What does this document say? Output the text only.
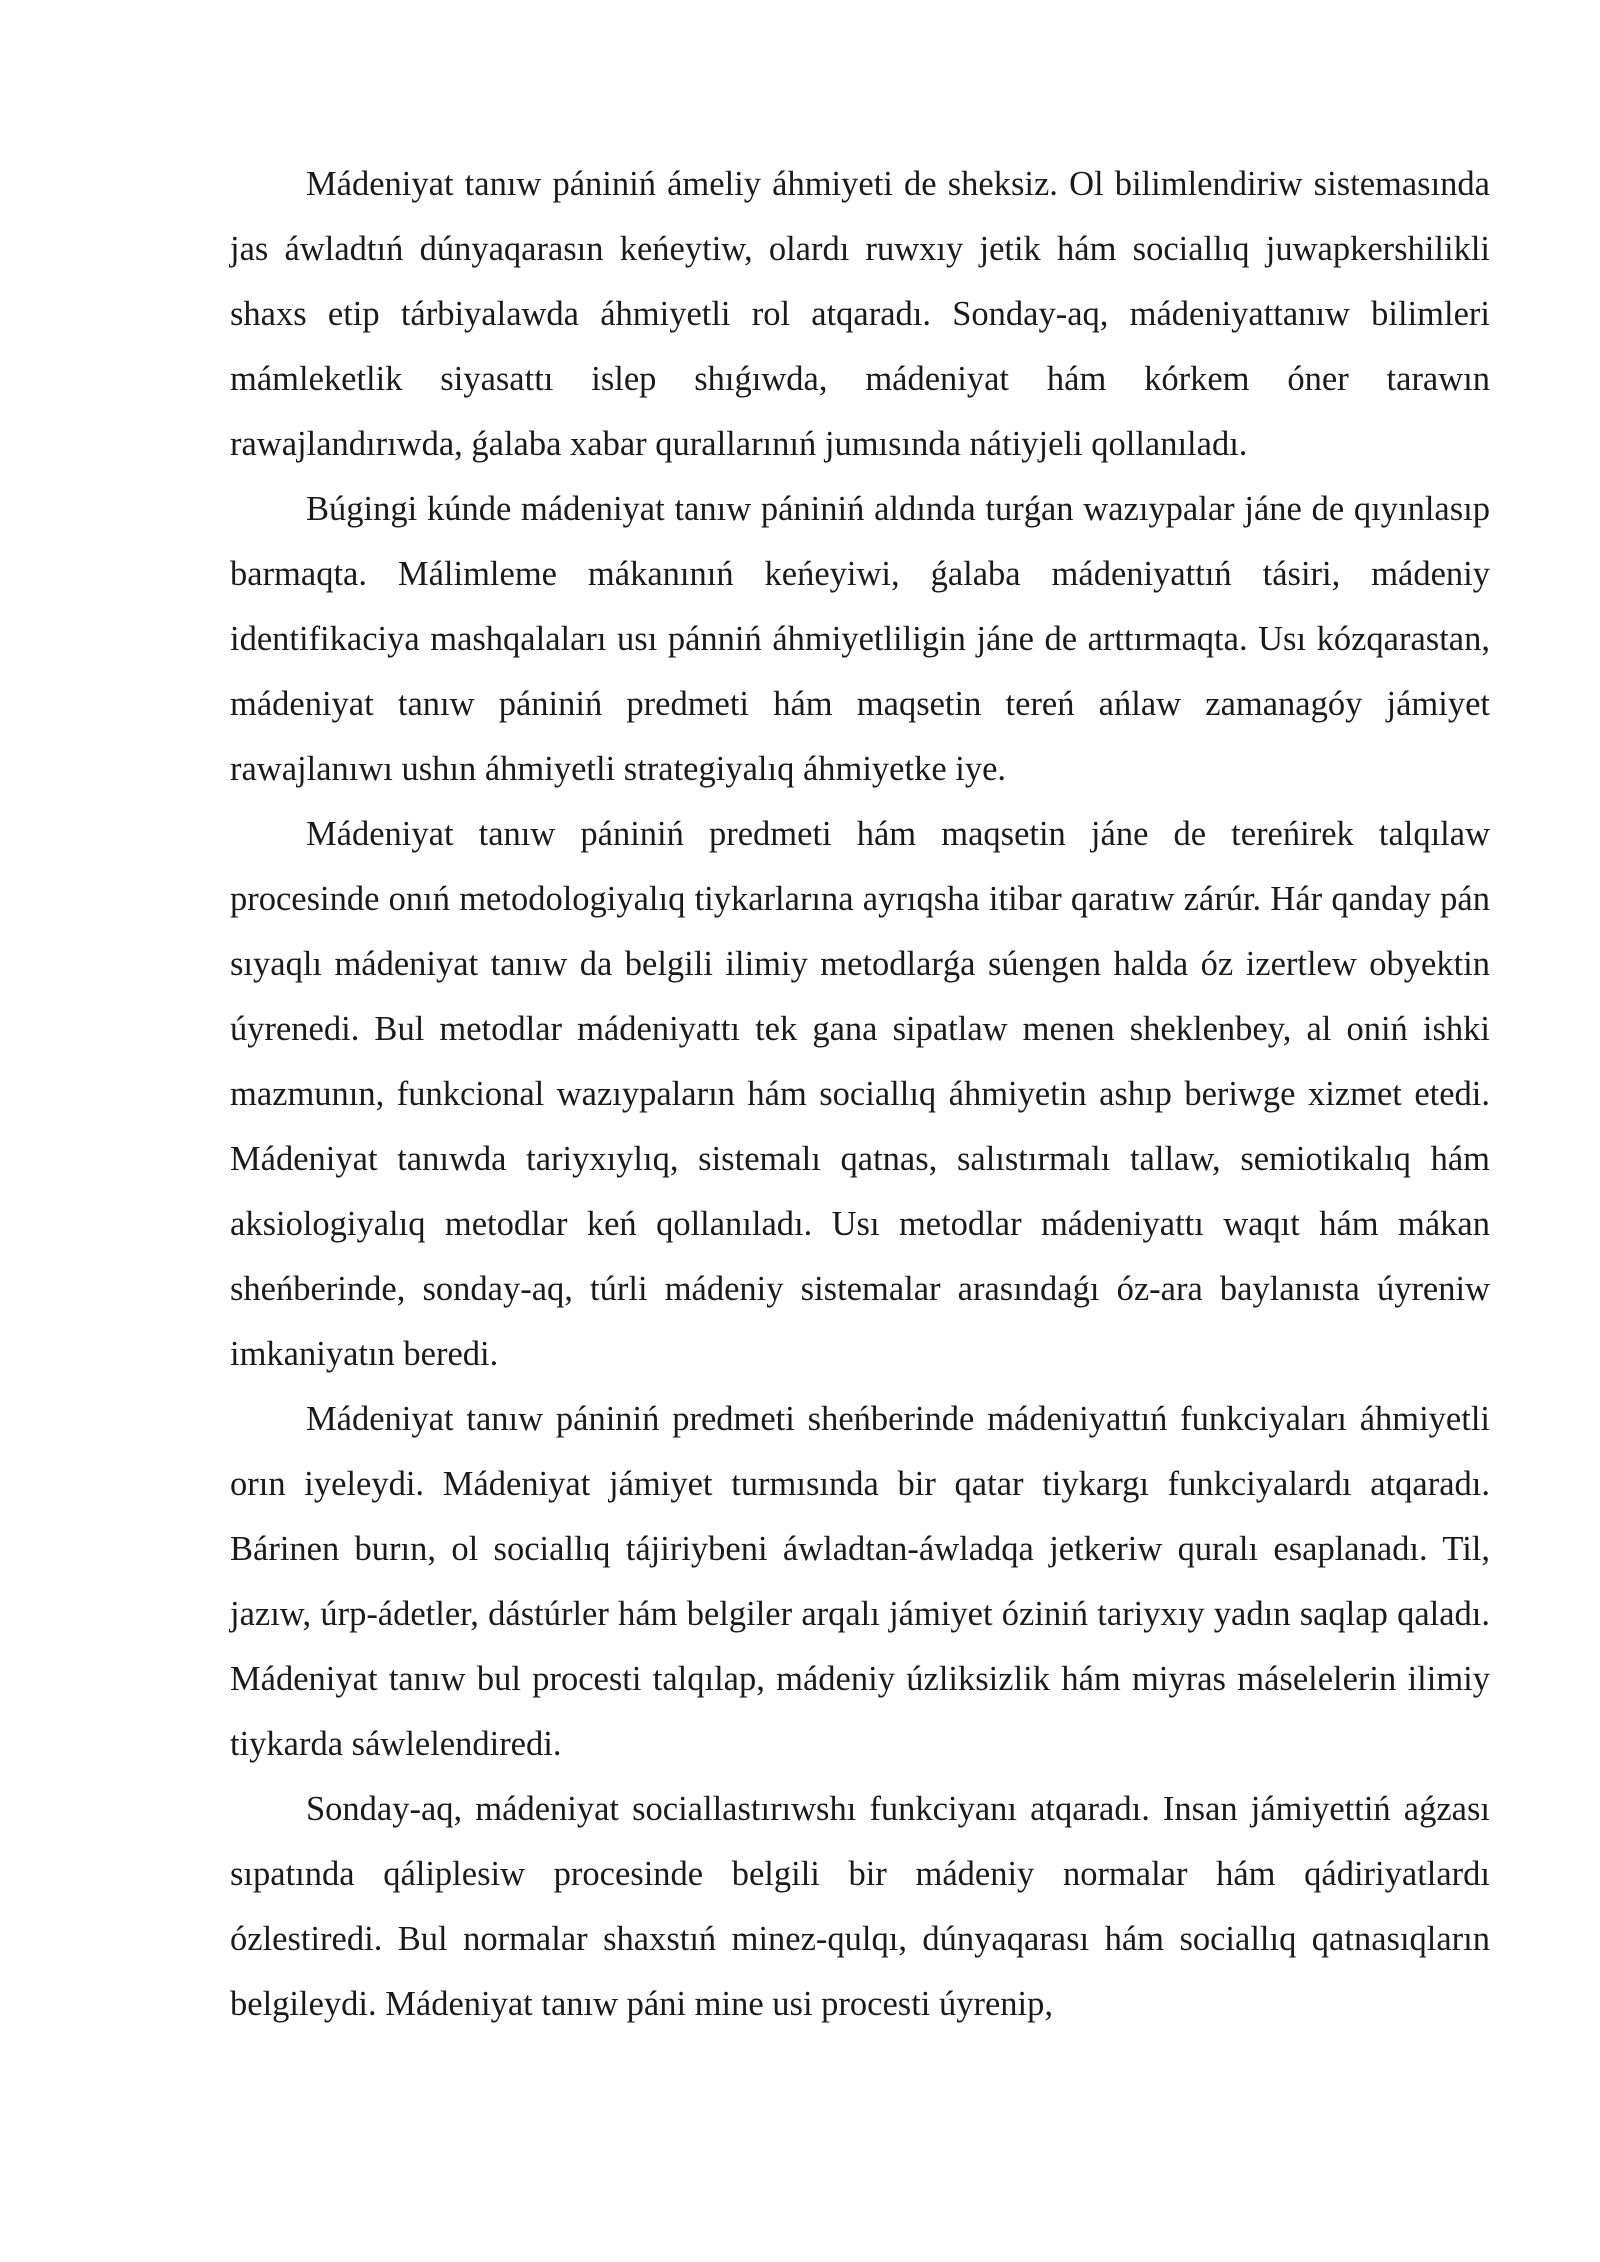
Mádeniyat tanıw pániniń ámeliy áhmiyeti de sheksiz. Ol bilimlendiriw sistemasında jas áwladtıń dúnyaqarasın keńeytiw, olardı ruwxıy jetik hám sociallıq juwapkershilikli shaxs etip tárbiyalawda áhmiyetli rol atqaradı. Sonday-aq, mádeniyattanıw bilimleri mámleketlik siyasattı islep shıǵıwda, mádeniyat hám kórkem óner tarawın rawajlandırıwda, ǵalaba xabar qurallarınıń jumısında nátiyjeli qollanıladı.

Búgingi kúnde mádeniyat tanıw pániniń aldında turǵan wazıypalar jáne de qıyınlasıp barmaqta. Málimleme mákanınıń keńeyiwi, ǵalaba mádeniyattıń tásiri, mádeniy identifikaciya mashqalaları usı pánniń áhmiyetliligin jáne de arttırmaqta. Usı kózqarastan, mádeniyat tanıw pániniń predmeti hám maqsetin tereń ańlaw zamanagóy jámiyet rawajlanıwı ushın áhmiyetli strategiyalıq áhmiyetke iye.

Mádeniyat tanıw pániniń predmeti hám maqsetin jáne de tereńirek talqılaw procesinde onıń metodologiyalıq tiykarlarına ayrıqsha itibar qaratıw zárúr. Hár qanday pán sıyaqlı mádeniyat tanıw da belgili ilimiy metodlarǵa súengen halda óz izertlew obyektin úyrenedi. Bul metodlar mádeniyattı tek gana sipatlaw menen sheklenbey, al oniń ishki mazmunın, funkcional wazıypaların hám sociallıq áhmiyetin ashıp beriwge xizmet etedi. Mádeniyat tanıwda tariyxıylıq, sistemalı qatnas, salıstırmalı tallaw, semiotikalıq hám aksiologiyalıq metodlar keń qollanıladı. Usı metodlar mádeniyattı waqıt hám mákan sheńberinde, sonday-aq, túrli mádeniy sistemalar arasındaǵı óz-ara baylanısta úyreniw imkaniyatın beredi.

Mádeniyat tanıw pániniń predmeti sheńberinde mádeniyattıń funkciyaları áhmiyetli orın iyeleydi. Mádeniyat jámiyet turmısında bir qatar tiykargı funkciyalardı atqaradı. Bárinen burın, ol sociallıq tájiriybeni áwladtan-áwladqa jetkeriw quralı esaplanadı. Til, jazıw, úrp-ádetler, dástúrler hám belgiler arqalı jámiyet óziniń tariyxıy yadın saqlap qaladı. Mádeniyat tanıw bul procesti talqılap, mádeniy úzliksizlik hám miyras máselelerin ilimiy tiykarda sáwlelendiredi.

Sonday-aq, mádeniyat sociallastırıwshı funkciyanı atqaradı. Insan jámiyettiń aǵzası sıpatında qáliplesiw procesinde belgili bir mádeniy normalar hám qádiriyatlardı ózlestiredi. Bul normalar shaxstıń minez-qulqı, dúnyaqarası hám sociallıq qatnasıqların belgileydi. Mádeniyat tanıw páni mine usi procesti úyrenip,
